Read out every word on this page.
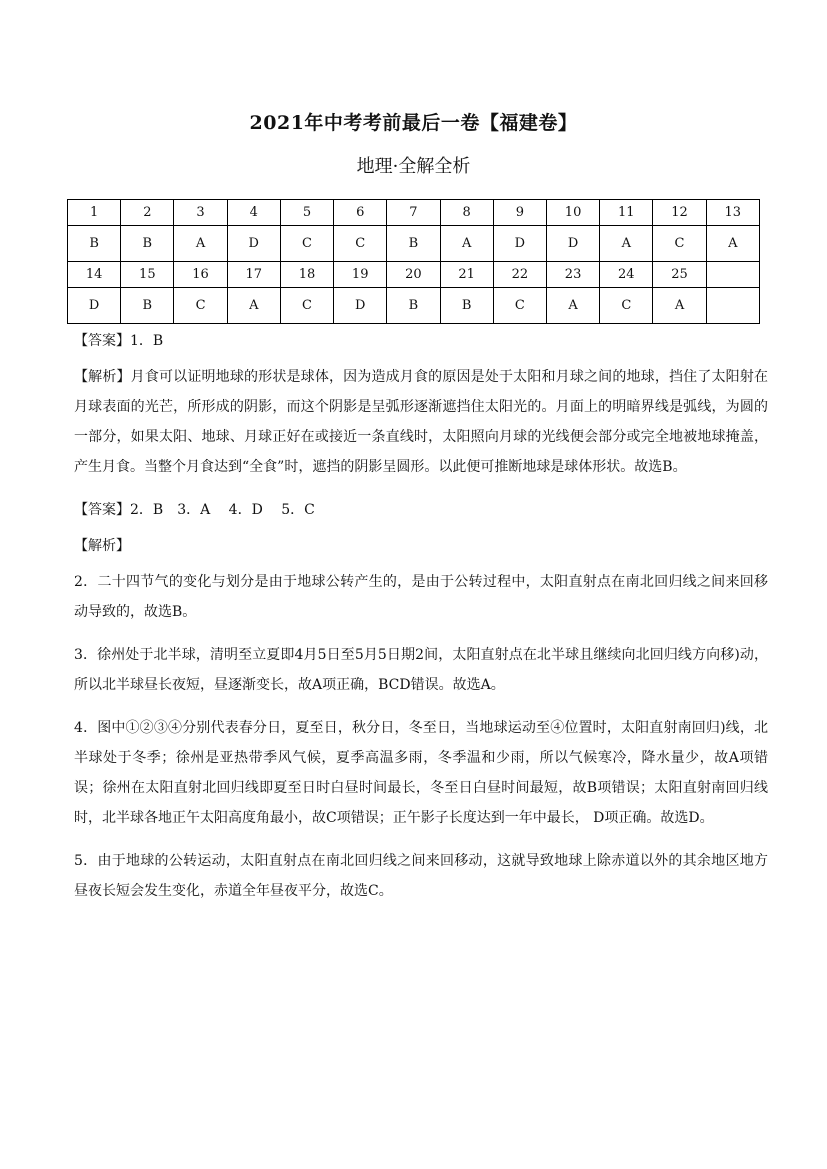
2021年中考考前最后一卷【福建卷】
地理·全解全析
1	2	3	4	5	6	7	8	9	10	11	12	13
B	B	A	D	C	C	B	A	D	D	A	C	A
14	15	16	17	18	19	20	21	22	23	24	25	
D	B	C	A	C	D	B	B	C	A	C	A	

【答案】1．B

【解析】月食可以证明地球的形状是球体，因为造成月食的原因是处于太阳和月球之间的地球，挡住了太阳射在月球表面的光芒，所形成的阴影，而这个阴影是呈弧形逐渐遮挡住太阳光的。月面上的明暗界线是弧线，为圆的一部分，如果太阳、地球、月球正好在或接近一条直线时，太阳照向月球的光线便会部分或完全地被地球掩盖，产生月食。当整个月食达到“全食”时，遮挡的阴影呈圆形。以此便可推断地球是球体形状。故选B。

【答案】2．B　3．A　 4．D　 5．C

【解析】

2．二十四节气的变化与划分是由于地球公转产生的，是由于公转过程中，太阳直射点在南北回归线之间来回移动导致的，故选B。

3．徐州处于北半球，清明至立夏即4月5日至5月5日期2间，太阳直射点在北半球且继续向北回归线方向移)动，所以北半球昼长夜短，昼逐渐变长，故A项正确，BCD错误。故选A。

4．图中①②③④分别代表春分日，夏至日，秋分日，冬至日，当地球运动至④位置时，太阳直射南回归)线，北半球处于冬季；徐州是亚热带季风气候，夏季高温多雨，冬季温和少雨，所以气候寒冷，降水量少，故A项错误；徐州在太阳直射北回归线即夏至日时白昼时间最长，冬至日白昼时间最短，故B项错误；太阳直射南回归线时，北半球各地正午太阳高度角最小，故C项错误；正午影子长度达到一年中最长， D项正确。故选D。

5．由于地球的公转运动，太阳直射点在南北回归线之间来回移动，这就导致地球上除赤道以外的其余地区地方昼夜长短会发生变化，赤道全年昼夜平分，故选C。
